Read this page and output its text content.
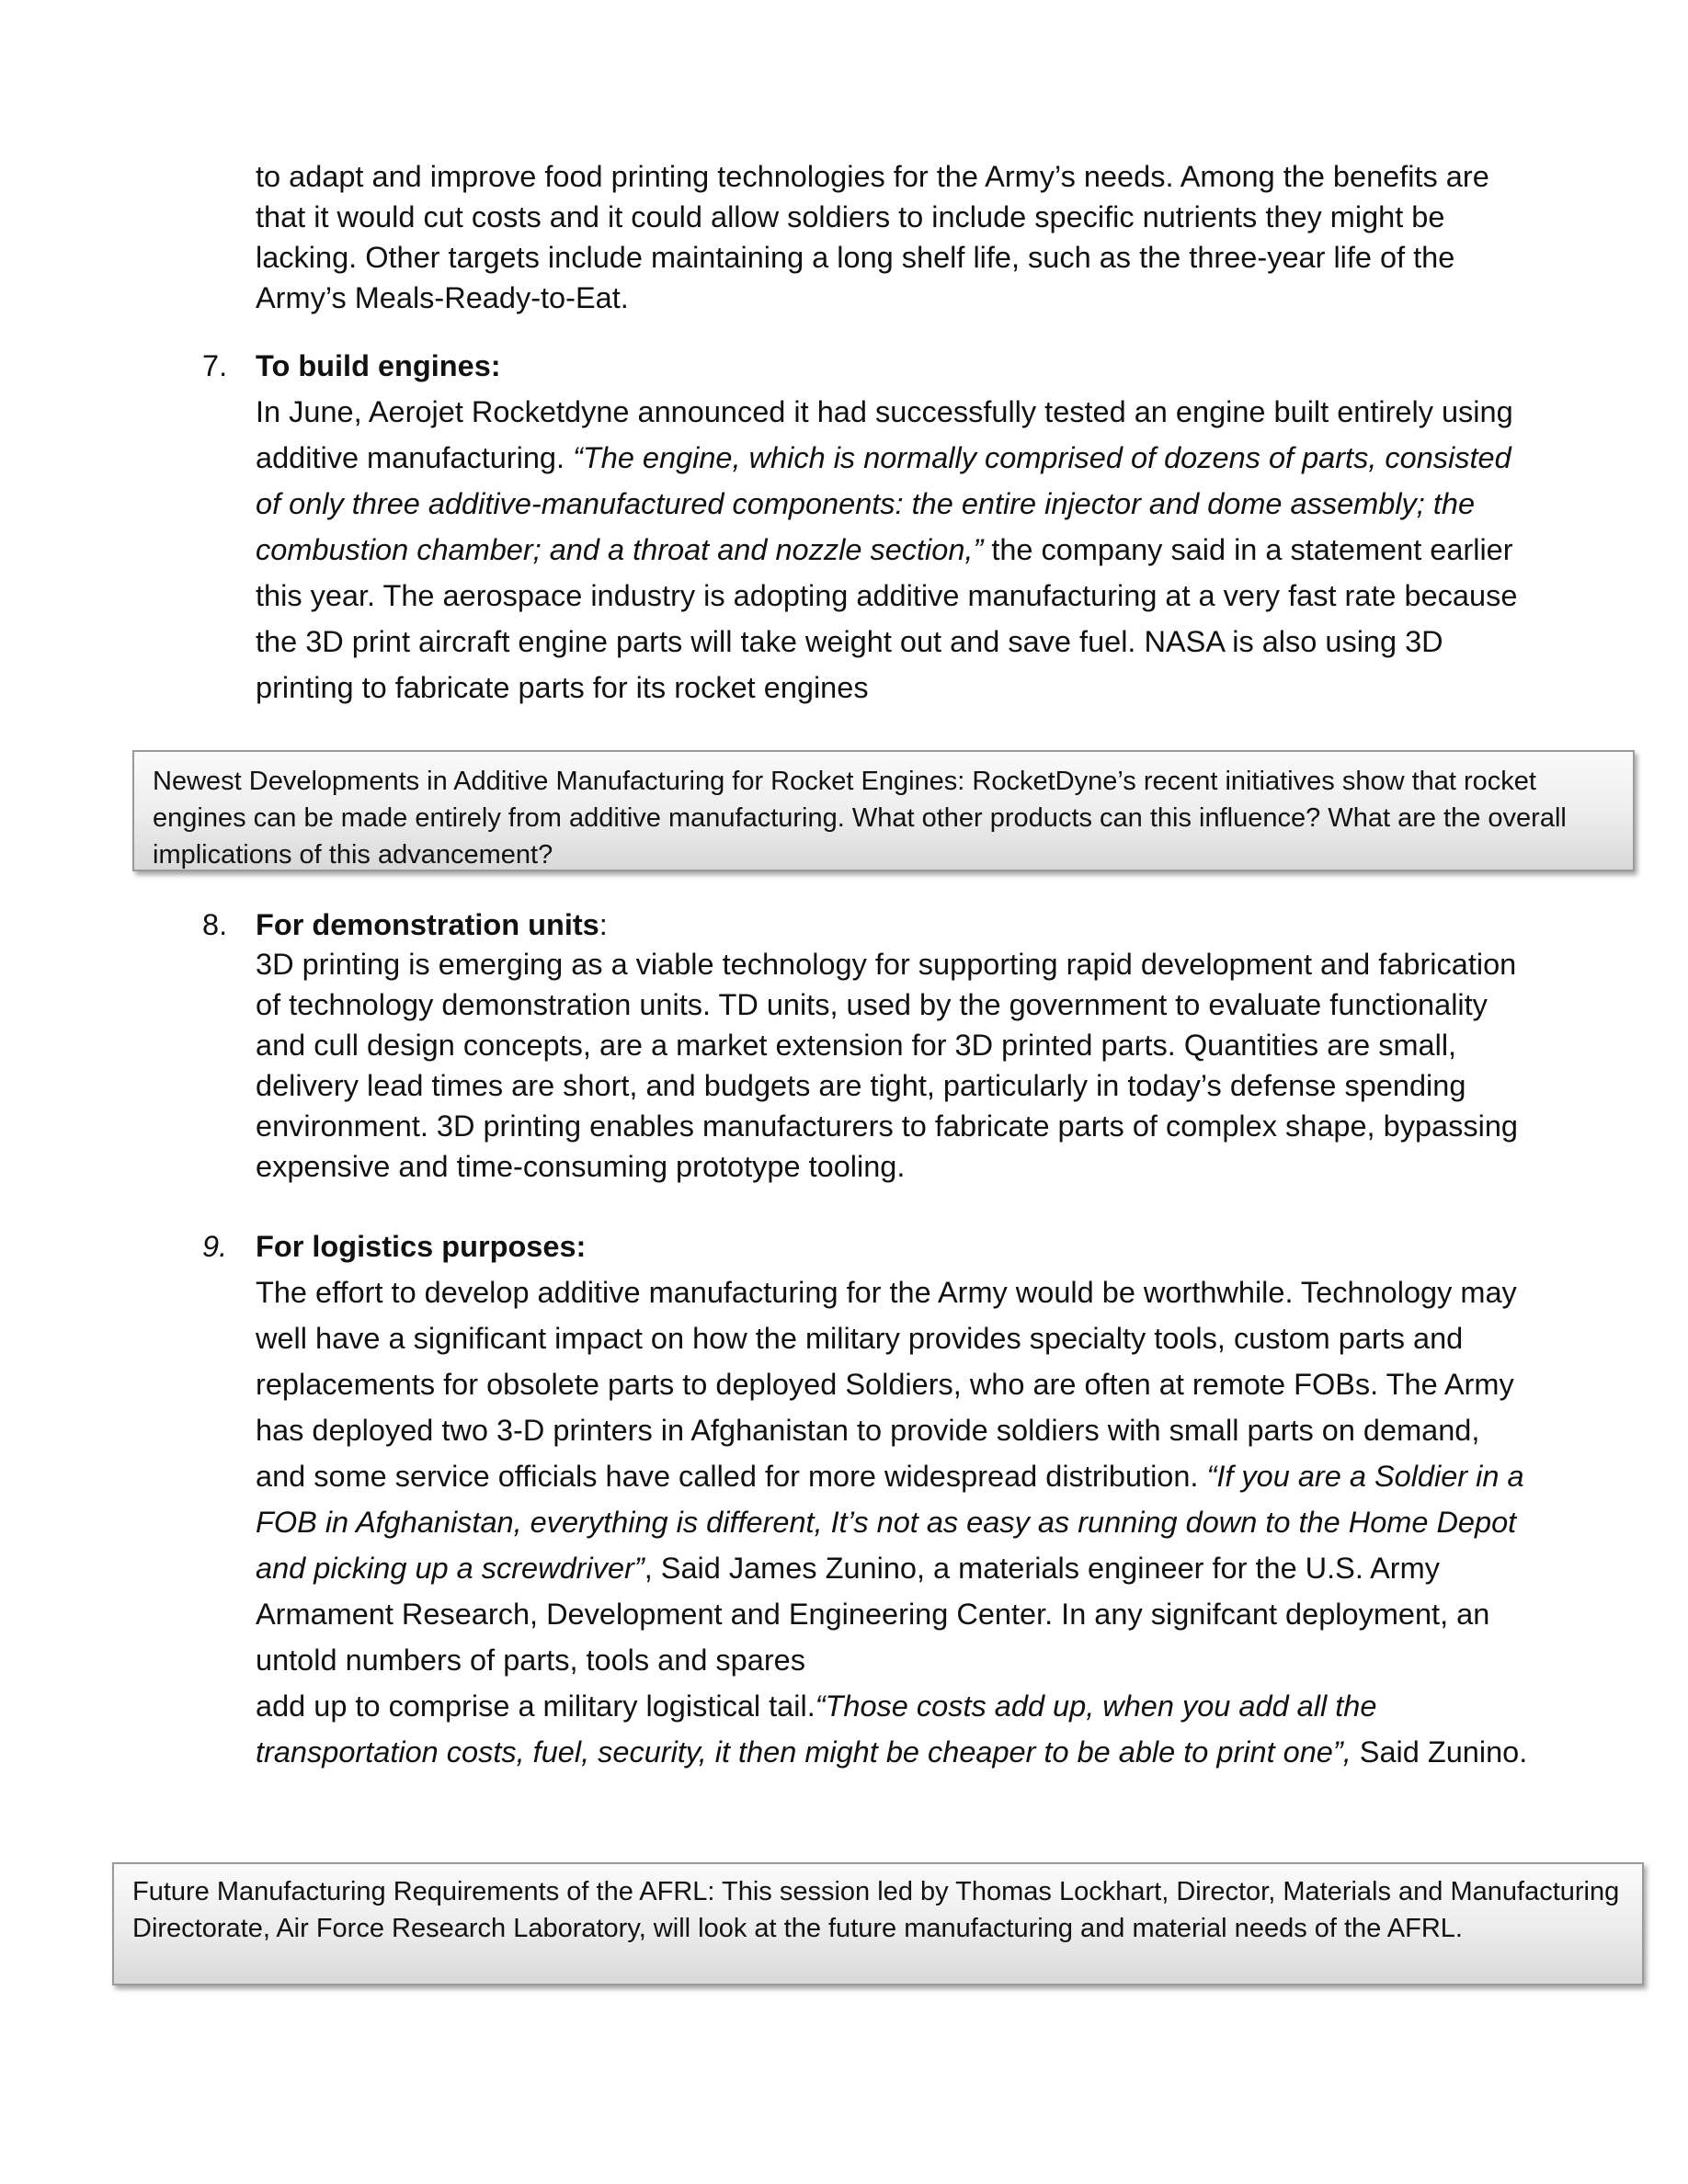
to adapt and improve food printing technologies for the Army’s needs. Among the benefits are that it would cut costs and it could allow soldiers to include specific nutrients they might be lacking. Other targets include maintaining a long shelf life, such as the three-year life of the Army’s Meals-Ready-to-Eat.

7. To build engines:

In June, Aerojet Rocketdyne announced it had successfully tested an engine built entirely using additive manufacturing. “The engine, which is normally comprised of dozens of parts, consisted of only three additive-manufactured components: the entire injector and dome assembly; the combustion chamber; and a throat and nozzle section,” the company said in a statement earlier this year. The aerospace industry is adopting additive manufacturing at a very fast rate because the 3D print aircraft engine parts will take weight out and save fuel. NASA is also using 3D printing to fabricate parts for its rocket engines

Newest Developments in Additive Manufacturing for Rocket Engines: RocketDyne’s recent initiatives show that rocket engines can be made entirely from additive manufacturing. What other products can this influence? What are the overall implications of this advancement?
8. For demonstration units:

3D printing is emerging as a viable technology for supporting rapid development and fabrication of technology demonstration units. TD units, used by the government to evaluate functionality and cull design concepts, are a market extension for 3D printed parts. Quantities are small, delivery lead times are short, and budgets are tight, particularly in today’s defense spending environment. 3D printing enables manufacturers to fabricate parts of complex shape, bypassing expensive and time-consuming prototype tooling.

9. For logistics purposes:

The effort to develop additive manufacturing for the Army would be worthwhile. Technology may well have a significant impact on how the military provides specialty tools, custom parts and replacements for obsolete parts to deployed Soldiers, who are often at remote FOBs. The Army has deployed two 3-D printers in Afghanistan to provide soldiers with small parts on demand, and some service officials have called for more widespread distribution. “If you are a Soldier in a FOB in Afghanistan, everything is different, It’s not as easy as running down to the Home Depot and picking up a screwdriver”, Said James Zunino, a materials engineer for the U.S. Army Armament Research, Development and Engineering Center. In any signifcant deployment, an untold numbers of parts, tools and spares

add up to comprise a military logistical tail.“Those costs add up, when you add all the transportation costs, fuel, security, it then might be cheaper to be able to print one”, Said Zunino.

Future Manufacturing Requirements of the AFRL: This session led by Thomas Lockhart, Director, Materials and Manufacturing Directorate, Air Force Research Laboratory, will look at the future manufacturing and material needs of the AFRL.
